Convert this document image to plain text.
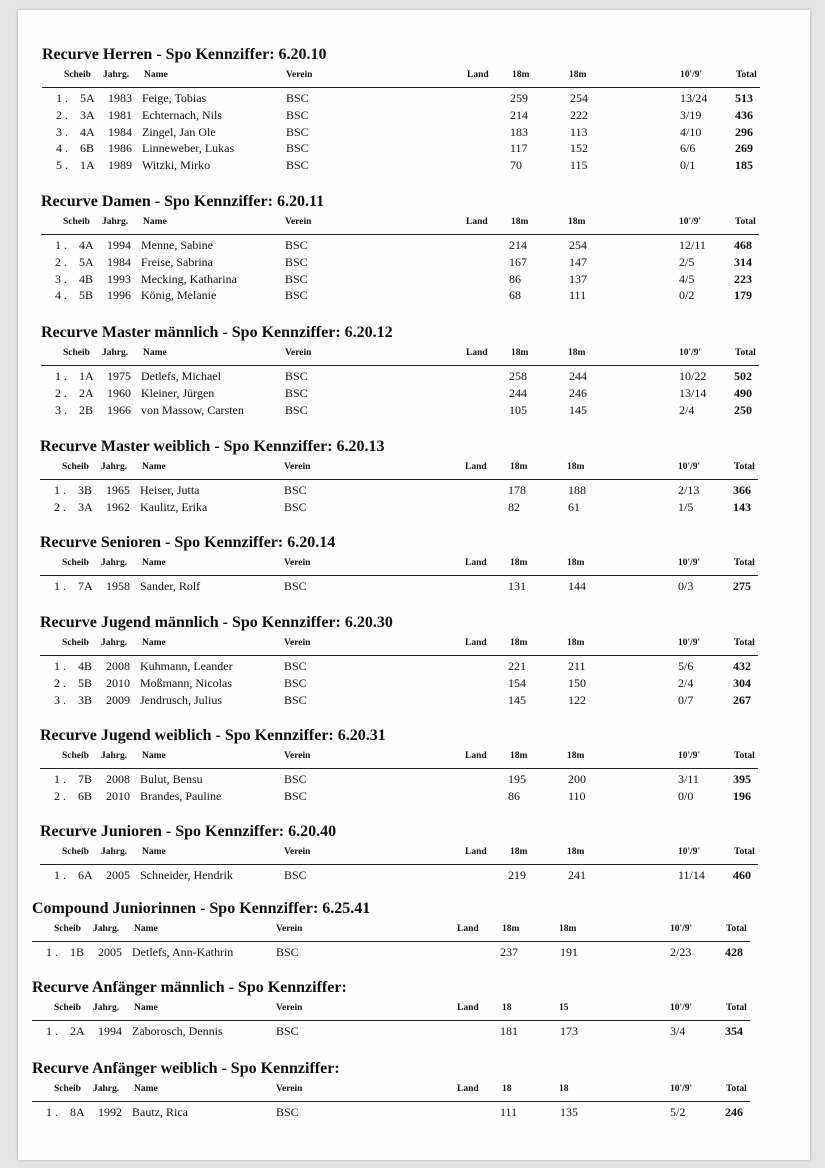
Recurve Herren - Spo Kennziffer: 6.20.10
Scheib Jahrg. Name	Verein	Land 18m	18m	10'/9'	Total
1 . 5A 1983 Feige, Tobias	BSC	259	254	13/24 513
2 . 3A 1981 Echternach, Nils	BSC	214	222	3/19	436
3 . 4A 1984 Zingel, Jan Ole	BSC	183	113	4/10	296
4 . 6B 1986 Linneweber, Lukas	BSC	117	152	6/6	269
5 . 1A 1989 Witzki, Mirko	BSC	70	115	0/1	185
Recurve Damen - Spo Kennziffer: 6.20.11
Scheib Jahrg. Name	Verein	Land 18m	18m	10'/9'	Total
1 . 4A 1994 Menne, Sabine	BSC	214	254	12/11 468
2 . 5A 1984 Freise, Sabrina	BSC	167	147	2/5	314
3 . 4B 1993 Mecking, Katharina	BSC	86	137	4/5	223
4 . 5B 1996 König, Melanie	BSC	68	111	0/2	179
Recurve Master männlich - Spo Kennziffer: 6.20.12
Scheib Jahrg. Name	Verein	Land 18m	18m	10'/9'	Total
1 . 1A 1975 Detlefs, Michael	BSC	258	244	10/22 502
2 . 2A 1960 Kleiner, Jürgen	BSC	244	246	13/14 490
3 . 2B 1966 von Massow, Carsten	BSC	105	145	2/4	250
Recurve Master weiblich - Spo Kennziffer: 6.20.13
Scheib Jahrg. Name	Verein	Land 18m	18m	10'/9'	Total
1 . 3B 1965 Heiser, Jutta	BSC	178	188	2/13	366
2 . 3A 1962 Kaulitz, Erika	BSC	82	61	1/5	143
Recurve Senioren - Spo Kennziffer: 6.20.14
Scheib Jahrg. Name	Verein	Land 18m	18m	10'/9'	Total
1 . 7A 1958 Sander, Rolf	BSC	131	144	0/3	275
Recurve Jugend männlich - Spo Kennziffer: 6.20.30
Scheib Jahrg. Name	Verein	Land 18m	18m	10'/9'	Total
1 . 4B 2008 Kuhmann, Leander	BSC	221	211	5/6	432
2 . 5B 2010 Moßmann, Nicolas	BSC	154	150	2/4	304
3 . 3B 2009 Jendrusch, Julius	BSC	145	122	0/7	267
Recurve Jugend weiblich - Spo Kennziffer: 6.20.31
Scheib Jahrg. Name	Verein	Land 18m	18m	10'/9'	Total
1 . 7B 2008 Bulut, Bensu	BSC	195	200	3/11	395
2 . 6B 2010 Brandes, Pauline	BSC	86	110	0/0	196
Recurve Junioren - Spo Kennziffer: 6.20.40
Scheib Jahrg. Name	Verein	Land 18m	18m	10'/9'	Total
1 . 6A 2005 Schneider, Hendrik	BSC	219	241	11/14 460
Compound Juniorinnen - Spo Kennziffer: 6.25.41
Scheib Jahrg. Name	Verein	Land 18m	18m	10'/9'	Total
1 . 1B 2005 Detlefs, Ann-Kathrin	BSC	237	191	2/23	428
Recurve Anfänger männlich - Spo Kennziffer:
Scheib Jahrg. Name	Verein	Land 18	15	10'/9'	Total
1 . 2A 1994 Zaborosch, Dennis	BSC	181	173	3/4	354
Recurve Anfänger weiblich - Spo Kennziffer:
Scheib Jahrg. Name	Verein	Land 18	18	10'/9'	Total
1 . 8A 1992 Bautz, Rica	BSC	111	135	5/2	246
